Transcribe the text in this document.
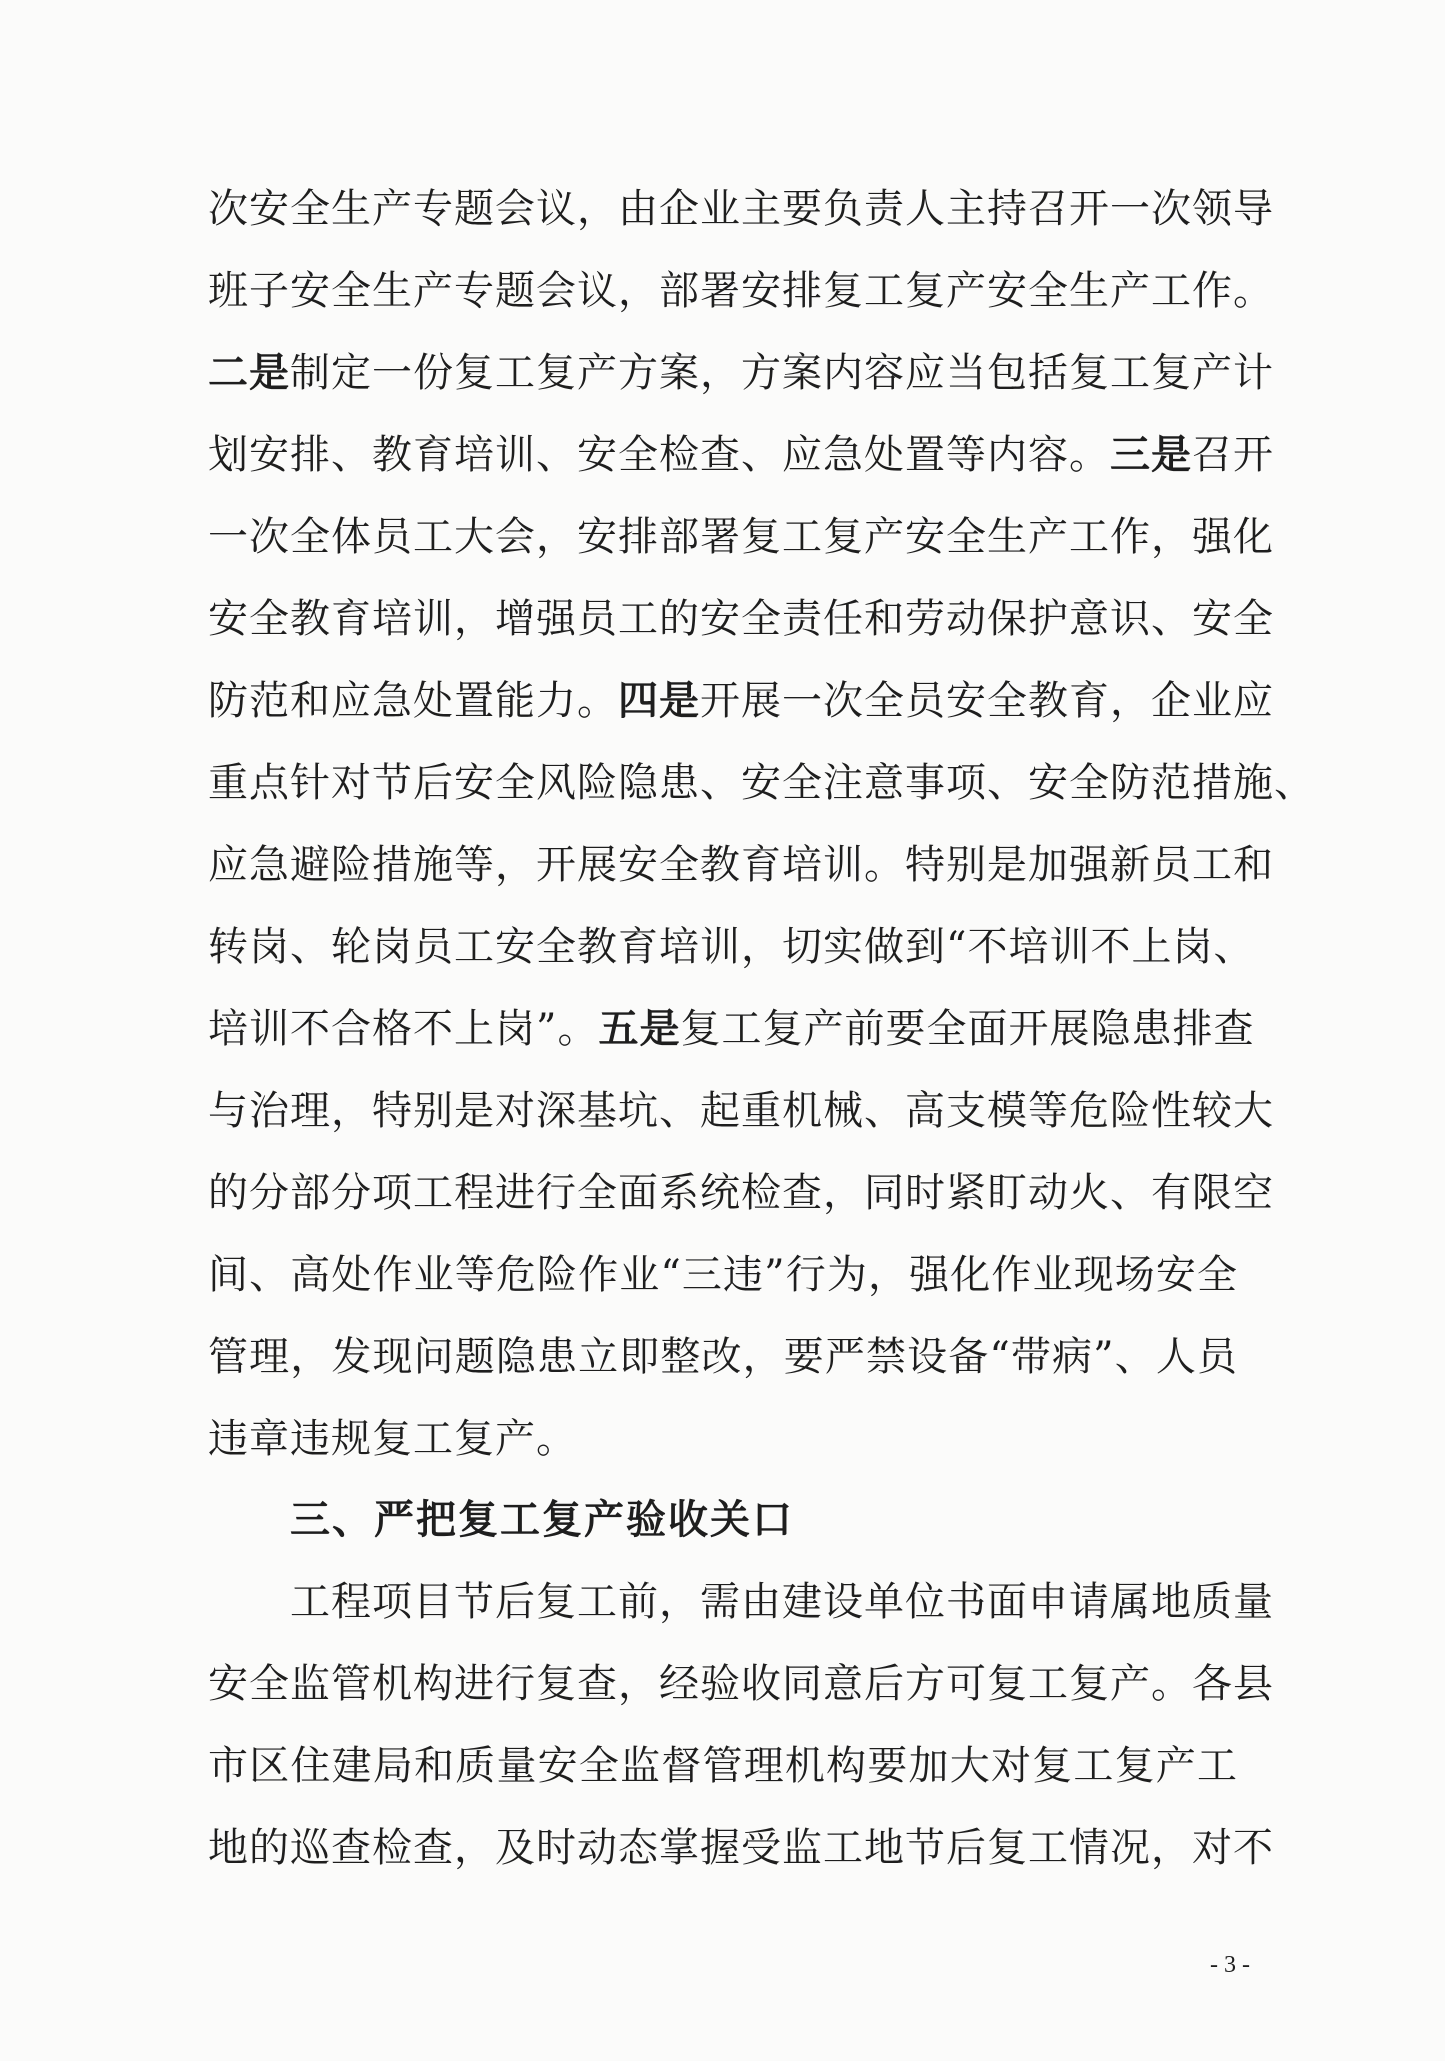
次安全生产专题会议，由企业主要负责人主持召开一次领导
班子安全生产专题会议，部署安排复工复产安全生产工作。
二是制定一份复工复产方案，方案内容应当包括复工复产计
划安排、教育培训、安全检查、应急处置等内容。三是召开
一次全体员工大会，安排部署复工复产安全生产工作，强化
安全教育培训，增强员工的安全责任和劳动保护意识、安全
防范和应急处置能力。四是开展一次全员安全教育，企业应
重点针对节后安全风险隐患、安全注意事项、安全防范措施、
应急避险措施等，开展安全教育培训。特别是加强新员工和
转岗、轮岗员工安全教育培训，切实做到“不培训不上岗、
培训不合格不上岗”。五是复工复产前要全面开展隐患排查
与治理，特别是对深基坑、起重机械、高支模等危险性较大
的分部分项工程进行全面系统检查，同时紧盯动火、有限空
间、高处作业等危险作业“三违”行为，强化作业现场安全
管理，发现问题隐患立即整改，要严禁设备“带病”、人员
违章违规复工复产。
三、严把复工复产验收关口
工程项目节后复工前，需由建设单位书面申请属地质量
安全监管机构进行复查，经验收同意后方可复工复产。各县
市区住建局和质量安全监督管理机构要加大对复工复产工
地的巡查检查，及时动态掌握受监工地节后复工情况，对不
- 3 -
